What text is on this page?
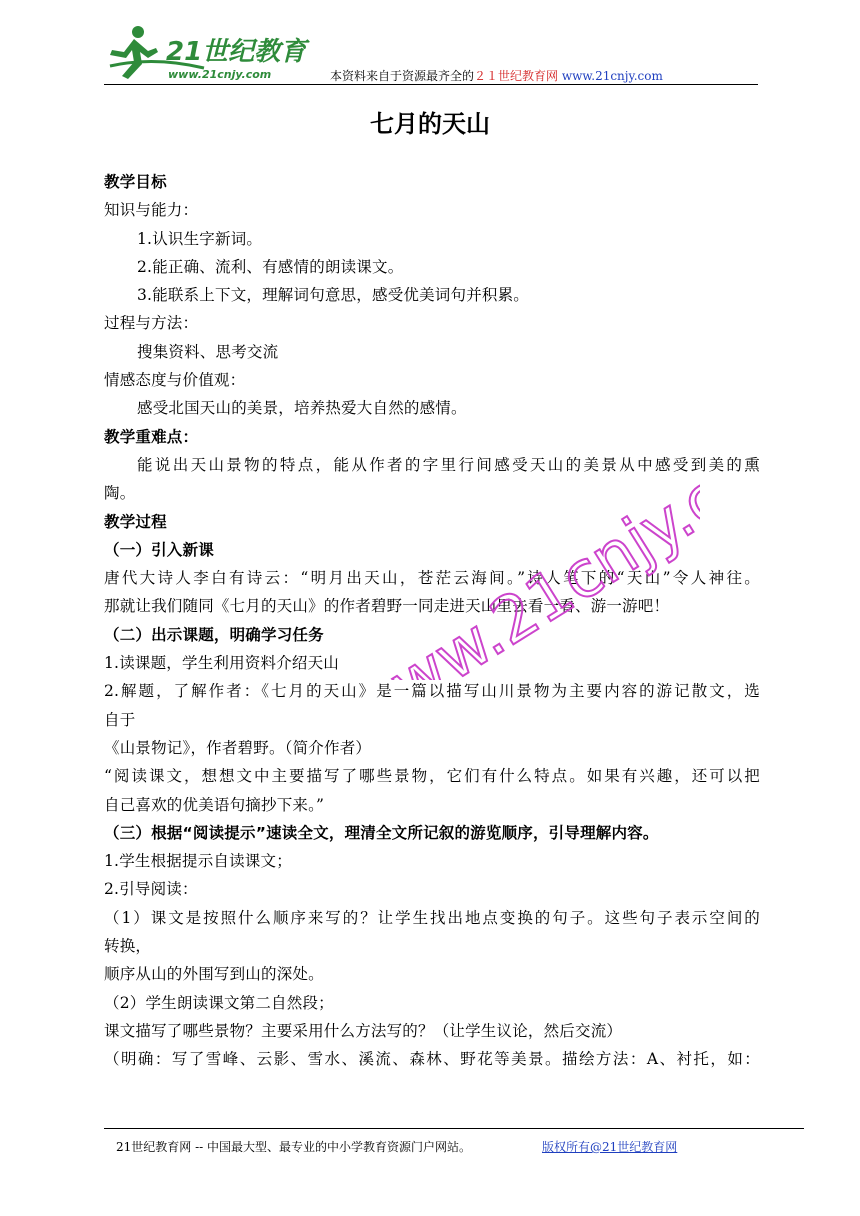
21世纪教育
www.21cnjy.com	本资料来自于资源最齐全的２１世纪教育网 www.21cnjy.com
七月的天山
教学目标
知识与能力：
1.认识生字新词。
2.能正确、流利、有感情的朗读课文。
3.能联系上下文，理解词句意思，感受优美词句并积累。
过程与方法：
搜集资料、思考交流
情感态度与价值观：
感受北国天山的美景，培养热爱大自然的感情。
教学重难点：
能说出天山景物的特点，能从作者的字里行间感受天山的美景从中感受到美的熏
陶。
教学过程
（一）引入新课
唐代大诗人李白有诗云：“明月出天山，苍茫云海间。”诗人笔下的“天山”令人神往。
那就让我们随同《七月的天山》的作者碧野一同走进天山里去看一看、游一游吧！
（二）出示课题，明确学习任务
1.读课题，学生利用资料介绍天山
2.解题，了解作者：《七月的天山》是一篇以描写山川景物为主要内容的游记散文，选
自于
《山景物记》，作者碧野。（简介作者）
“阅读课文，想想文中主要描写了哪些景物，它们有什么特点。如果有兴趣，还可以把
自己喜欢的优美语句摘抄下来。”
（三）根据“阅读提示”速读全文，理清全文所记叙的游览顺序，引导理解内容。
1.学生根据提示自读课文；
2.引导阅读：
（1）课文是按照什么顺序来写的？让学生找出地点变换的句子。这些句子表示空间的
转换，
顺序从山的外围写到山的深处。
（2）学生朗读课文第二自然段；
课文描写了哪些景物？主要采用什么方法写的？（让学生议论，然后交流）
（明确：写了雪峰、云影、雪水、溪流、森林、野花等美景。描绘方法：A、衬托，如：
www.21cnjy.com
21世纪教育网 -- 中国最大型、最专业的中小学教育资源门户网站。	版权所有@21世纪教育网
